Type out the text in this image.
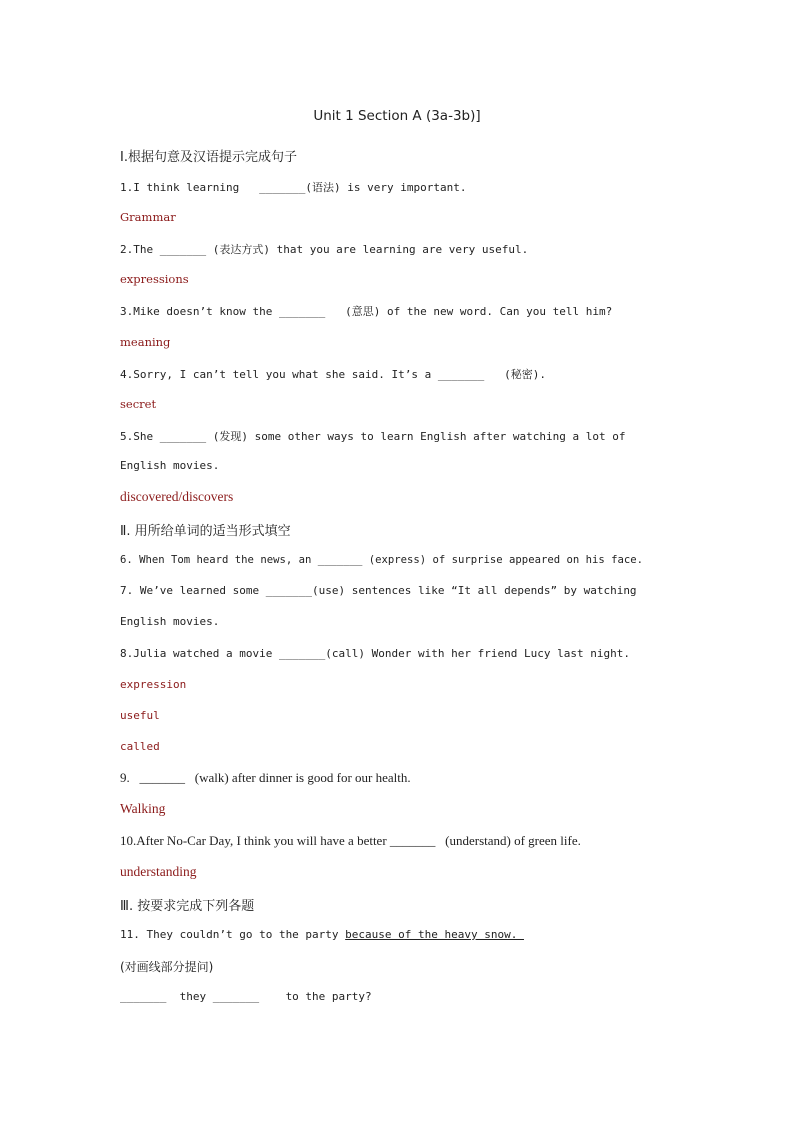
Unit 1 Section A (3a-3b)]
Ⅰ.根据句意及汉语提示完成句子
1.I think learning   _______(语法) is very important.
Grammar
2.The _______ (表达方式) that you are learning are very useful.
expressions
3.Mike doesn’t know the _______   (意思) of the new word. Can you tell him?
meaning
4.Sorry, I can’t tell you what she said. It’s a _______   (秘密).
secret
5.She _______ (发现) some other ways to learn English after watching a lot of
English movies.
discovered/discovers
Ⅱ. 用所给单词的适当形式填空
6. When Tom heard the news, an _______ (express) of surprise appeared on his face.
7. We’ve learned some _______(use) sentences like “It all depends” by watching
English movies.
8.Julia watched a movie _______(call) Wonder with her friend Lucy last night.
expression
useful
called
9.   _______   (walk) after dinner is good for our health.
Walking
10.After No-Car Day, I think you will have a better _______   (understand) of green life.
understanding
Ⅲ. 按要求完成下列各题
11. They couldn’t go to the party because of the heavy snow.
(对画线部分提问)
_______  they _______    to the party?
